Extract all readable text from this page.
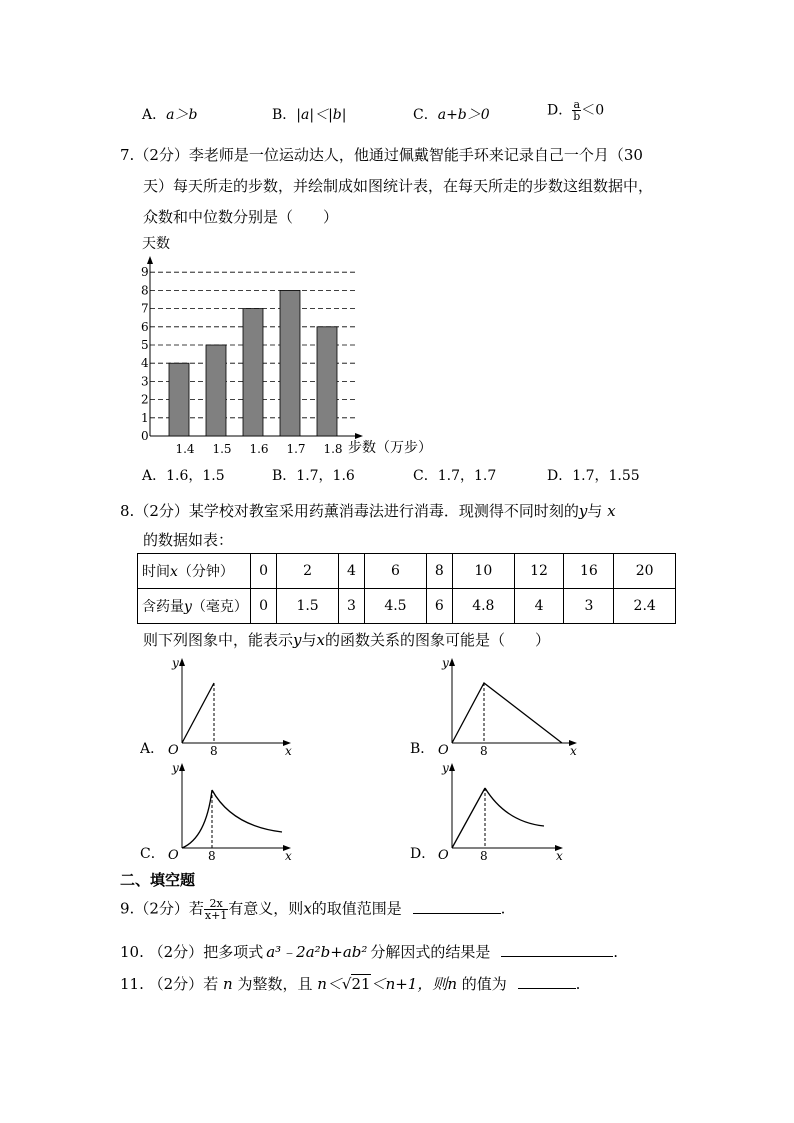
A．a＞b	B．|a|＜|b|	C．a+b＞0	D． $\frac{a}{b} <0$
7.（2分）李老师是一位运动达人，他通过佩戴智能手环来记录自己一个月（30
天）每天所走的步数，并绘制成如图统计表，在每天所走的步数这组数据中，
众数和中位数分别是（　　）
0
1
2
3
4
5
6
7
8
9
1.4 1.5 1.6 1.7 1.8
天数
步数（万步）
A．1.6，1.5	B．1.7，1.6	C．1.7，1.7	D．1.7，1.55
8.（2分）某学校对教室采用药薰消毒法进行消毒．现测得不同时刻的y与 x
的数据如表：
时间x（分钟）	0	2	4	6	8	10	12	16	20
含药量y（毫克）	0	1.5	3	4.5	6	4.8	4	3	2.4
则下列图象中，能表示y与x的函数关系的图象可能是（　　）
A．
y
x
O	8	B．
y
x
O	8
C．
y
x
O 8	D．
y
x
O	8
二、填空题
9.（2分）若 $\frac{2x}{x+1}$ 有意义，则x的取值范围是	.
10. （2分）把多项式 a³﹣2a²b+ab² 分解因式的结果是	.
11. （2分）若 n 为整数，且 n＜√21＜n+1，则n 的值为	.
